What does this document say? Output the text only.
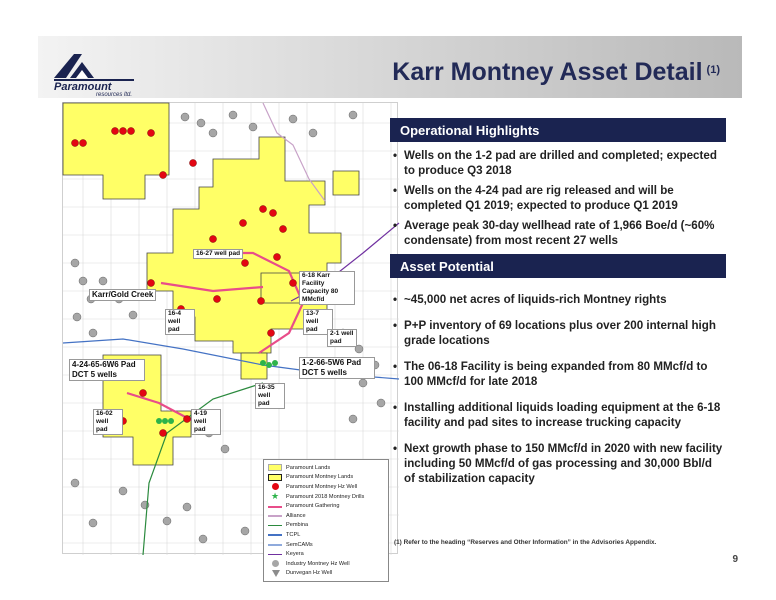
Paramount
resources ltd.
Karr Montney Asset Detail $^{(1)}$
16-27 well pad
6-18 Karr Facility Capacity 80 MMcf/d
Karr/Gold Creek
16-4 well pad
13-7 well pad
2-1 well pad
4-24-65-6W6 Pad DCT 5 wells
1-2-66-5W6 Pad DCT 5 wells
16-35 well pad
16-02 well pad
4-19 well pad
Paramount Lands
Paramount Montney Lands
Paramount Montney Hz Well
★	Paramount 2018 Montney Drills
Paramount Gathering
Alliance
Pembina
TCPL
SemCAMs
Keyera
Industry Montney Hz Well
Dunvegan Hz Well
Operational Highlights
• Wells on the 1-2 pad are drilled and completed; expected to produce Q3 2018
• Wells on the 4-24 pad are rig released and will be completed Q1 2019; expected to produce Q1 2019
• Average peak 30-day wellhead rate of 1,966 Boe/d (~60% condensate) from most recent 27 wells
Asset Potential
• ~45,000 net acres of liquids-rich Montney rights
• P+P inventory of 69 locations plus over 200 internal high grade locations
• The 06-18 Facility is being expanded from 80 MMcf/d to 100 MMcf/d for late 2018
• Installing additional liquids loading equipment at the 6-18 facility and pad sites to increase trucking capacity
• Next growth phase to 150 MMcf/d in 2020 with new facility including 50 MMcf/d of gas processing and 30,000 Bbl/d of stabilization capacity
(1) Refer to the heading “Reserves and Other Information” in the Advisories Appendix.
9
